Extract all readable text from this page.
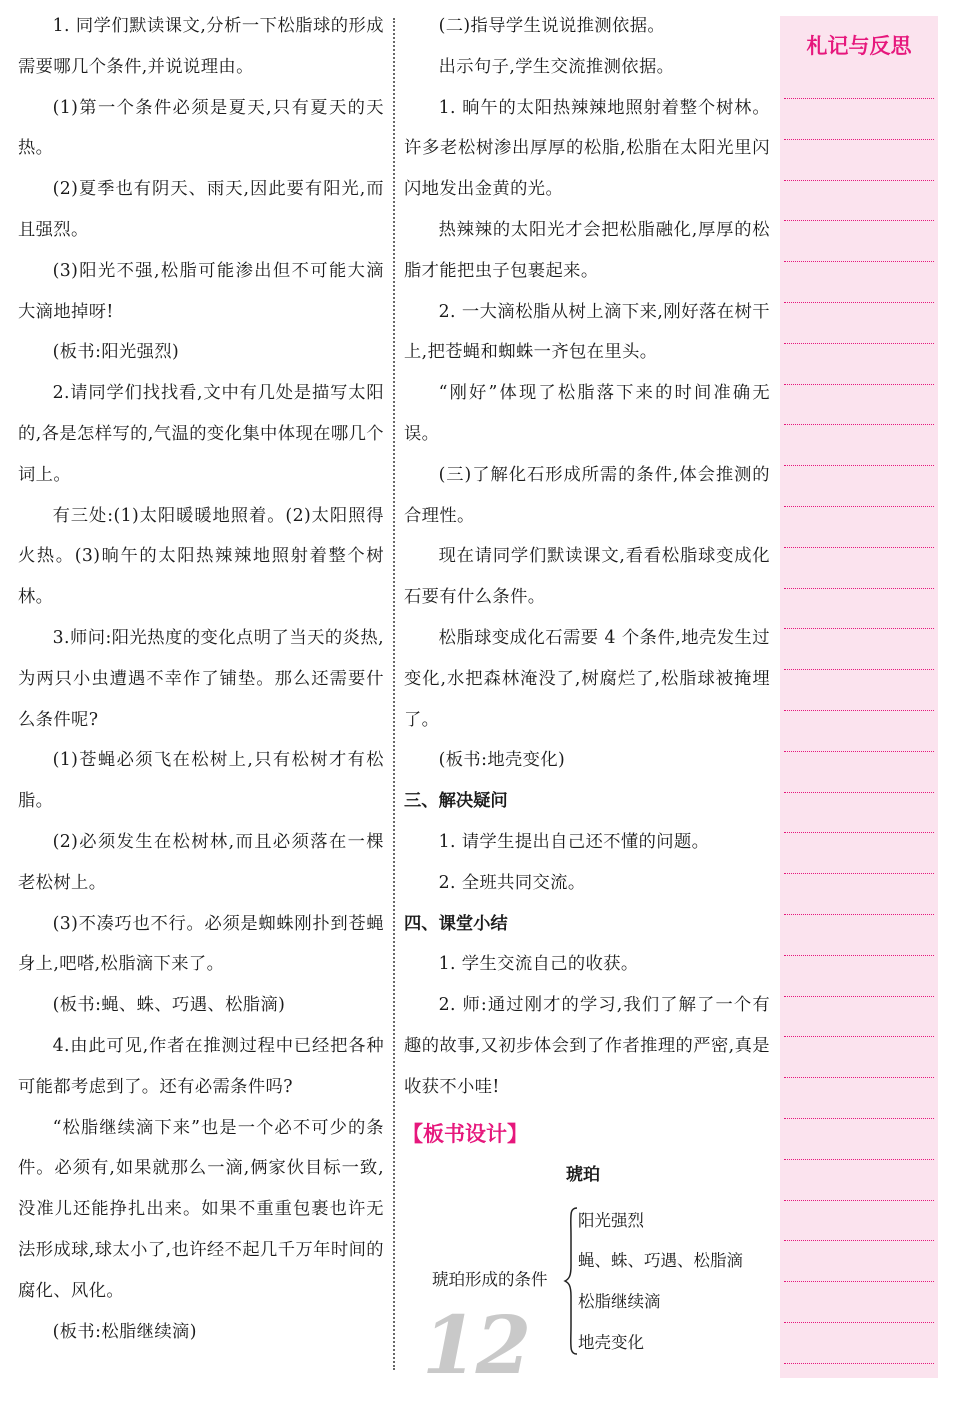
1. 同学们默读课文,分析一下松脂球的形成需要哪几个条件,并说说理由。

(1)第一个条件必须是夏天,只有夏天的天热。

(2)夏季也有阴天、雨天,因此要有阳光,而且强烈。

(3)阳光不强,松脂可能渗出但不可能大滴大滴地掉呀!

(板书:阳光强烈)

2.请同学们找找看,文中有几处是描写太阳的,各是怎样写的,气温的变化集中体现在哪几个词上。

有三处:(1)太阳暖暖地照着。(2)太阳照得火热。(3)晌午的太阳热辣辣地照射着整个树林。

3.师问:阳光热度的变化点明了当天的炎热,为两只小虫遭遇不幸作了铺垫。那么还需要什么条件呢?

(1)苍蝇必须飞在松树上,只有松树才有松脂。

(2)必须发生在松树林,而且必须落在一棵老松树上。

(3)不凑巧也不行。必须是蜘蛛刚扑到苍蝇身上,吧嗒,松脂滴下来了。

(板书:蝇、蛛、巧遇、松脂滴)

4.由此可见,作者在推测过程中已经把各种可能都考虑到了。还有必需条件吗?

“松脂继续滴下来”也是一个必不可少的条件。必须有,如果就那么一滴,俩家伙目标一致,没准儿还能挣扎出来。如果不重重包裹也许无法形成球,球太小了,也许经不起几千万年时间的腐化、风化。

(板书:松脂继续滴)

(二)指导学生说说推测依据。

出示句子,学生交流推测依据。

1. 晌午的太阳热辣辣地照射着整个树林。许多老松树渗出厚厚的松脂,松脂在太阳光里闪闪地发出金黄的光。

热辣辣的太阳光才会把松脂融化,厚厚的松脂才能把虫子包裹起来。

2. 一大滴松脂从树上滴下来,刚好落在树干上,把苍蝇和蜘蛛一齐包在里头。

“刚好”体现了松脂落下来的时间准确无误。

(三)了解化石形成所需的条件,体会推测的合理性。

现在请同学们默读课文,看看松脂球变成化石要有什么条件。

松脂球变成化石需要 4 个条件,地壳发生过变化,水把森林淹没了,树腐烂了,松脂球被掩埋了。

(板书:地壳变化)

三、解决疑问

1. 请学生提出自己还不懂的问题。

2. 全班共同交流。

四、课堂小结

1. 学生交流自己的收获。

2. 师:通过刚才的学习,我们了解了一个有趣的故事,又初步体会到了作者推理的严密,真是收获不小哇!

【板书设计】
琥珀
琥珀形成的条件
阳光强烈
蝇、蛛、巧遇、松脂滴
松脂继续滴
地壳变化
12
札记与反思
